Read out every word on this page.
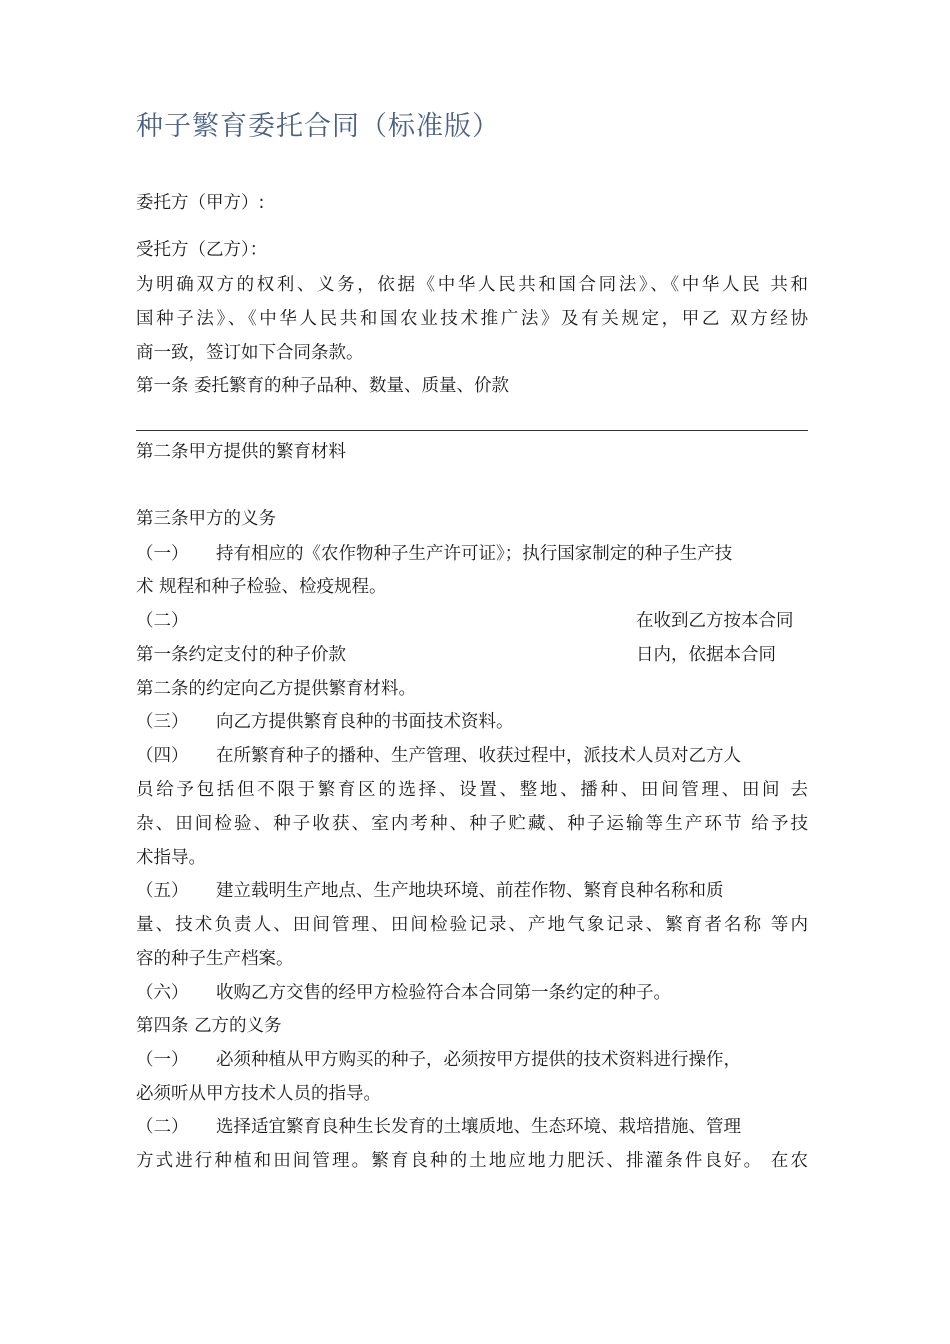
种子繁育委托合同（标准版）
委托方（甲方）:
受托方（乙方）：
为明确双方的权利、义务，依据《中华人民共和国合同法》、《中华人民 共和
国种子法》、《中华人民共和国农业技术推广法》及有关规定，甲乙 双方经协
商一致，签订如下合同条款。
第一条 委托繁育的种子品种、数量、质量、价款
第二条甲方提供的繁育材料
第三条甲方的义务
（一） 持有相应的《农作物种子生产许可证》；执行国家制定的种子生产技
术 规程和种子检验、检疫规程。
（二）	在收到乙方按本合同
第一条约定支付的种子价款	日内，依据本合同
第二条的约定向乙方提供繁育材料。
（三） 向乙方提供繁育良种的书面技术资料。
（四） 在所繁育种子的播种、生产管理、收获过程中，派技术人员对乙方人
员给予包括但不限于繁育区的选择、设置、整地、播种、田间管理、田间 去
杂、田间检验、种子收获、室内考种、种子贮藏、种子运输等生产环节 给予技
术指导。
（五） 建立载明生产地点、生产地块环境、前茬作物、繁育良种名称和质
量、技术负责人、田间管理、田间检验记录、产地气象记录、繁育者名称 等内
容的种子生产档案。
（六） 收购乙方交售的经甲方检验符合本合同第一条约定的种子。
第四条 乙方的义务
（一） 必须种植从甲方购买的种子，必须按甲方提供的技术资料进行操作，
必须听从甲方技术人员的指导。
（二） 选择适宜繁育良种生长发育的土壤质地、生态环境、栽培措施、管理
方式进行种植和田间管理。繁育良种的土地应地力肥沃、排灌条件良好。 在农
